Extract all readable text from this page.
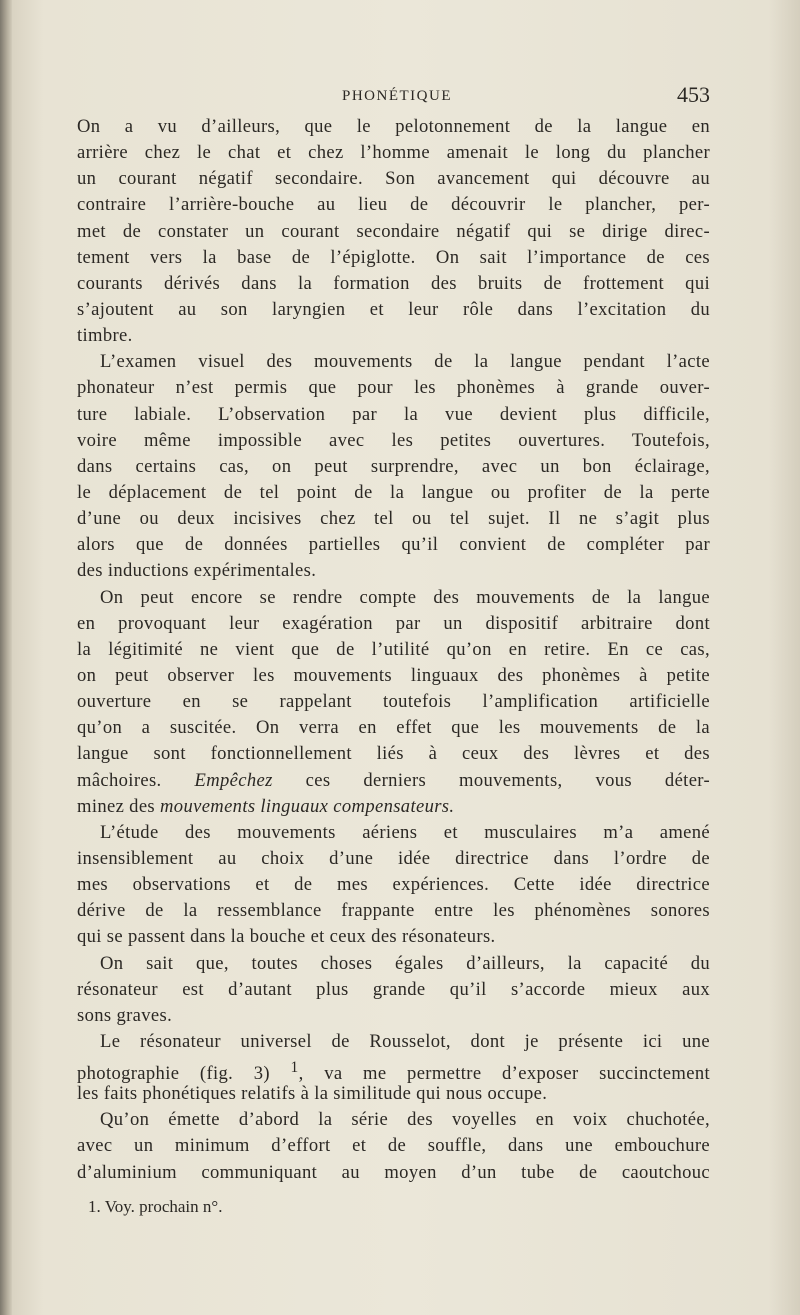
PHONÉTIQUE	453
On a vu d’ailleurs, que le pelotonnement de la langue en
arrière chez le chat et chez l’homme amenait le long du plancher
un courant négatif secondaire. Son avancement qui découvre au
contraire l’arrière-bouche au lieu de découvrir le plancher, per-
met de constater un courant secondaire négatif qui se dirige direc-
tement vers la base de l’épiglotte. On sait l’importance de ces
courants dérivés dans la formation des bruits de frottement qui
s’ajoutent au son laryngien et leur rôle dans l’excitation du
timbre.
L’examen visuel des mouvements de la langue pendant l’acte
phonateur n’est permis que pour les phonèmes à grande ouver-
ture labiale. L’observation par la vue devient plus difficile,
voire même impossible avec les petites ouvertures. Toutefois,
dans certains cas, on peut surprendre, avec un bon éclairage,
le déplacement de tel point de la langue ou profiter de la perte
d’une ou deux incisives chez tel ou tel sujet. Il ne s’agit plus
alors que de données partielles qu’il convient de compléter par
des inductions expérimentales.
On peut encore se rendre compte des mouvements de la langue
en provoquant leur exagération par un dispositif arbitraire dont
la légitimité ne vient que de l’utilité qu’on en retire. En ce cas,
on peut observer les mouvements linguaux des phonèmes à petite
ouverture en se rappelant toutefois l’amplification artificielle
qu’on a suscitée. On verra en effet que les mouvements de la
langue sont fonctionnellement liés à ceux des lèvres et des
mâchoires. Empêchez ces derniers mouvements, vous déter-
minez des mouvements linguaux compensateurs.
L’étude des mouvements aériens et musculaires m’a amené
insensiblement au choix d’une idée directrice dans l’ordre de
mes observations et de mes expériences. Cette idée directrice
dérive de la ressemblance frappante entre les phénomènes sonores
qui se passent dans la bouche et ceux des résonateurs.
On sait que, toutes choses égales d’ailleurs, la capacité du
résonateur est d’autant plus grande qu’il s’accorde mieux aux
sons graves.
Le résonateur universel de Rousselot, dont je présente ici une
photographie (fig. 3) $^1$, va me permettre d’exposer succinctement
les faits phonétiques relatifs à la similitude qui nous occupe.
Qu’on émette d’abord la série des voyelles en voix chuchotée,
avec un minimum d’effort et de souffle, dans une embouchure
d’aluminium communiquant au moyen d’un tube de caoutchouc
1. Voy. prochain n°.
